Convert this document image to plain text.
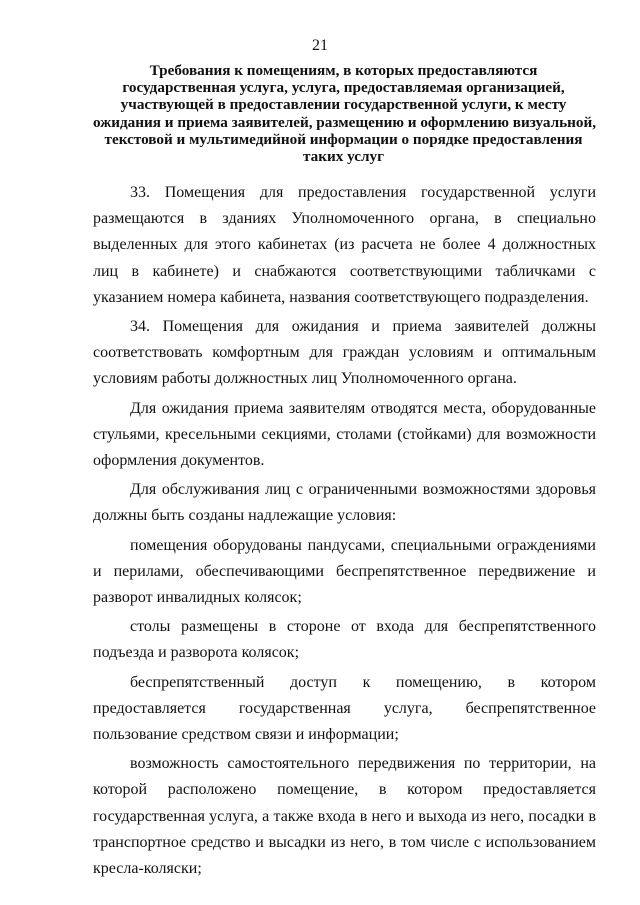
21
Требования к помещениям, в которых предоставляются
государственная услуга, услуга, предоставляемая организацией,
участвующей в предоставлении государственной услуги, к месту
ожидания и приема заявителей, размещению и оформлению визуальной,
текстовой и мультимедийной информации о порядке предоставления
таких услуг

33. Помещения для предоставления государственной услуги размещаются в зданиях Уполномоченного органа, в специально выделенных для этого кабинетах (из расчета не более 4 должностных лиц в кабинете) и снабжаются соответствующими табличками с указанием номера кабинета, названия соответствующего подразделения.

34. Помещения для ожидания и приема заявителей должны соответствовать комфортным для граждан условиям и оптимальным условиям работы должностных лиц Уполномоченного органа.

Для ожидания приема заявителям отводятся места, оборудованные стульями, кресельными секциями, столами (стойками) для возможности оформления документов.

Для обслуживания лиц с ограниченными возможностями здоровья должны быть созданы надлежащие условия:

помещения оборудованы пандусами, специальными ограждениями и перилами, обеспечивающими беспрепятственное передвижение и разворот инвалидных колясок;

столы размещены в стороне от входа для беспрепятственного подъезда и разворота колясок;

беспрепятственный доступ к помещению, в котором предоставляется государственная услуга, беспрепятственное пользование средством связи и информации;

возможность самостоятельного передвижения по территории, на которой расположено помещение, в котором предоставляется государственная услуга, а также входа в него и выхода из него, посадки в транспортное средство и высадки из него, в том числе с использованием кресла-коляски;
